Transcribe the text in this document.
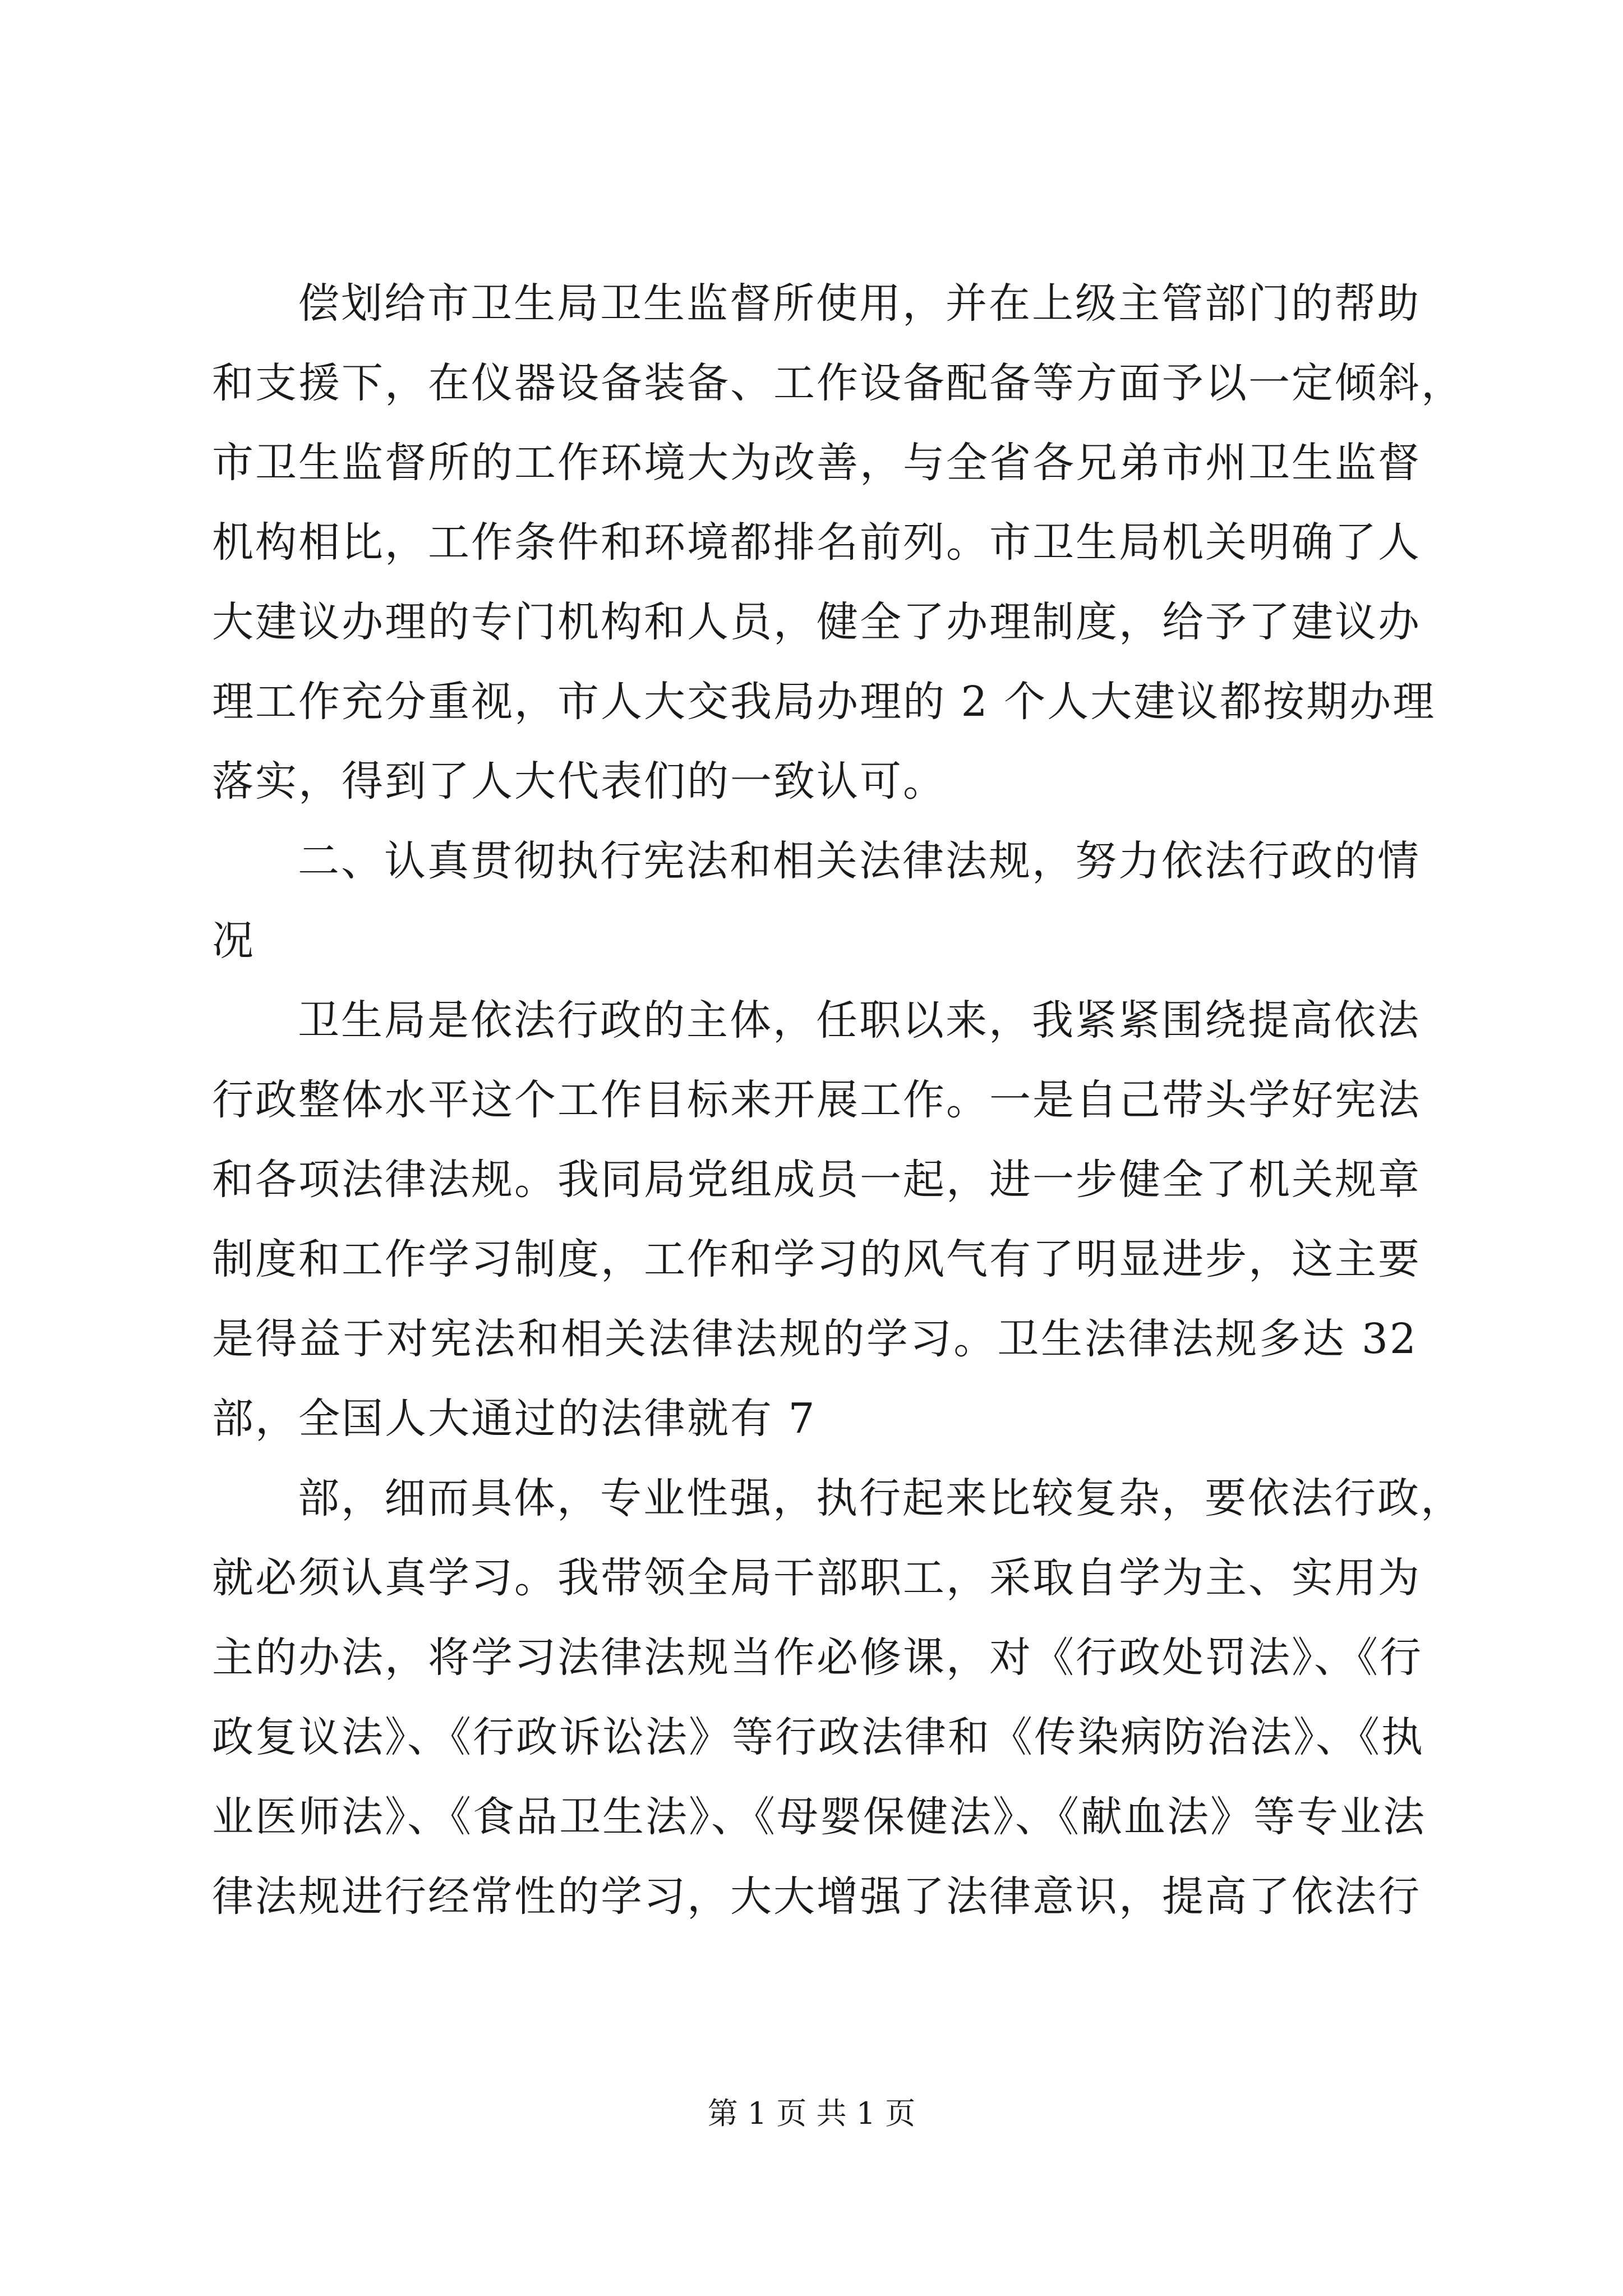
偿划给市卫生局卫生监督所使用，并在上级主管部门的帮助
和支援下，在仪器设备装备、工作设备配备等方面予以一定倾斜，
市卫生监督所的工作环境大为改善，与全省各兄弟市州卫生监督
机构相比，工作条件和环境都排名前列。市卫生局机关明确了人
大建议办理的专门机构和人员，健全了办理制度，给予了建议办
理工作充分重视，市人大交我局办理的 2 个人大建议都按期办理
落实，得到了人大代表们的一致认可。
二、认真贯彻执行宪法和相关法律法规，努力依法行政的情
况
卫生局是依法行政的主体，任职以来，我紧紧围绕提高依法
行政整体水平这个工作目标来开展工作。一是自己带头学好宪法
和各项法律法规。我同局党组成员一起，进一步健全了机关规章
制度和工作学习制度，工作和学习的风气有了明显进步，这主要
是得益于对宪法和相关法律法规的学习。卫生法律法规多达 32
部，全国人大通过的法律就有 7
部，细而具体，专业性强，执行起来比较复杂，要依法行政，
就必须认真学习。我带领全局干部职工，采取自学为主、实用为
主的办法，将学习法律法规当作必修课，对《行政处罚法》、《行
政复议法》、《行政诉讼法》等行政法律和《传染病防治法》、《执
业医师法》、《食品卫生法》、《母婴保健法》、《献血法》等专业法
律法规进行经常性的学习，大大增强了法律意识，提高了依法行
第 1 页 共 1 页
